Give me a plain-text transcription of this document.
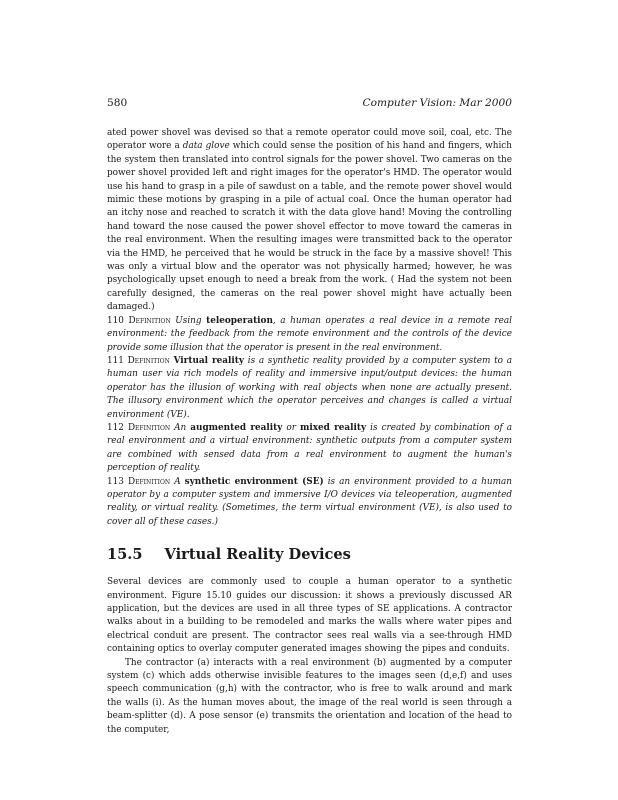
580	Computer Vision: Mar 2000

ated power shovel was devised so that a remote operator could move soil, coal, etc. The operator wore a data glove which could sense the position of his hand and fingers, which the system then translated into control signals for the power shovel. Two cameras on the power shovel provided left and right images for the operator's HMD. The operator would use his hand to grasp in a pile of sawdust on a table, and the remote power shovel would mimic these motions by grasping in a pile of actual coal. Once the human operator had an itchy nose and reached to scratch it with the data glove hand! Moving the controlling hand toward the nose caused the power shovel effector to move toward the cameras in the real environment. When the resulting images were transmitted back to the operator via the HMD, he perceived that he would be struck in the face by a massive shovel! This was only a virtual blow and the operator was not physically harmed; however, he was psychologically upset enough to need a break from the work. ( Had the system not been carefully designed, the cameras on the real power shovel might have actually been damaged.)

110 Definition Using teleoperation, a human operates a real device in a remote real environment: the feedback from the remote environment and the controls of the device provide some illusion that the operator is present in the real environment.

111 Definition Virtual reality is a synthetic reality provided by a computer system to a human user via rich models of reality and immersive input/output devices: the human operator has the illusion of working with real objects when none are actually present. The illusory environment which the operator perceives and changes is called a virtual environment (VE).

112 Definition An augmented reality or mixed reality is created by combination of a real environment and a virtual environment: synthetic outputs from a computer system are combined with sensed data from a real environment to augment the human's perception of reality.

113 Definition A synthetic environment (SE) is an environment provided to a human operator by a computer system and immersive I/O devices via teleoperation, augmented reality, or virtual reality. (Sometimes, the term virtual environment (VE), is also used to cover all of these cases.)

15.5 Virtual Reality Devices

Several devices are commonly used to couple a human operator to a synthetic environment. Figure 15.10 guides our discussion: it shows a previously discussed AR application, but the devices are used in all three types of SE applications. A contractor walks about in a building to be remodeled and marks the walls where water pipes and electrical conduit are present. The contractor sees real walls via a see-through HMD containing optics to overlay computer generated images showing the pipes and conduits.

The contractor (a) interacts with a real environment (b) augmented by a computer system (c) which adds otherwise invisible features to the images seen (d,e,f) and uses speech communication (g,h) with the contractor, who is free to walk around and mark the walls (i). As the human moves about, the image of the real world is seen through a beam-splitter (d). A pose sensor (e) transmits the orientation and location of the head to the computer,
